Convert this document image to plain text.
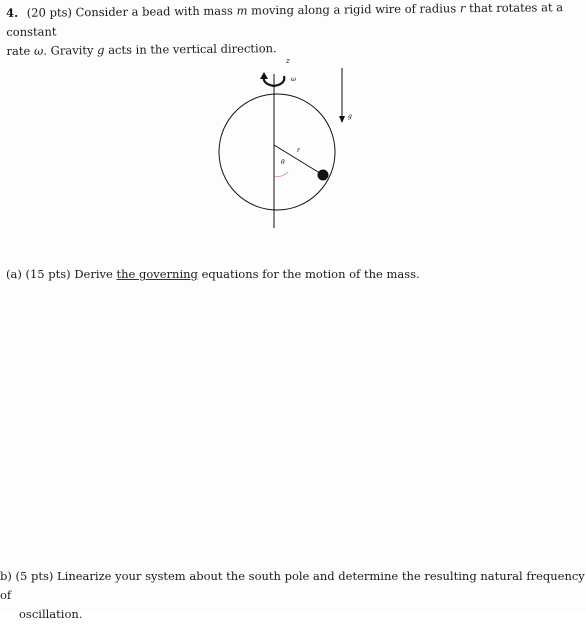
4. (20 pts) Consider a bead with mass m moving along a rigid wire of radius r that rotates at a constant
rate ω. Gravity g acts in the vertical direction.
z
ω
g
r
θ
(a) (15 pts) Derive the governing equations for the motion of the mass.
b) (5 pts) Linearize your system about the south pole and determine the resulting natural frequency of
oscillation.
